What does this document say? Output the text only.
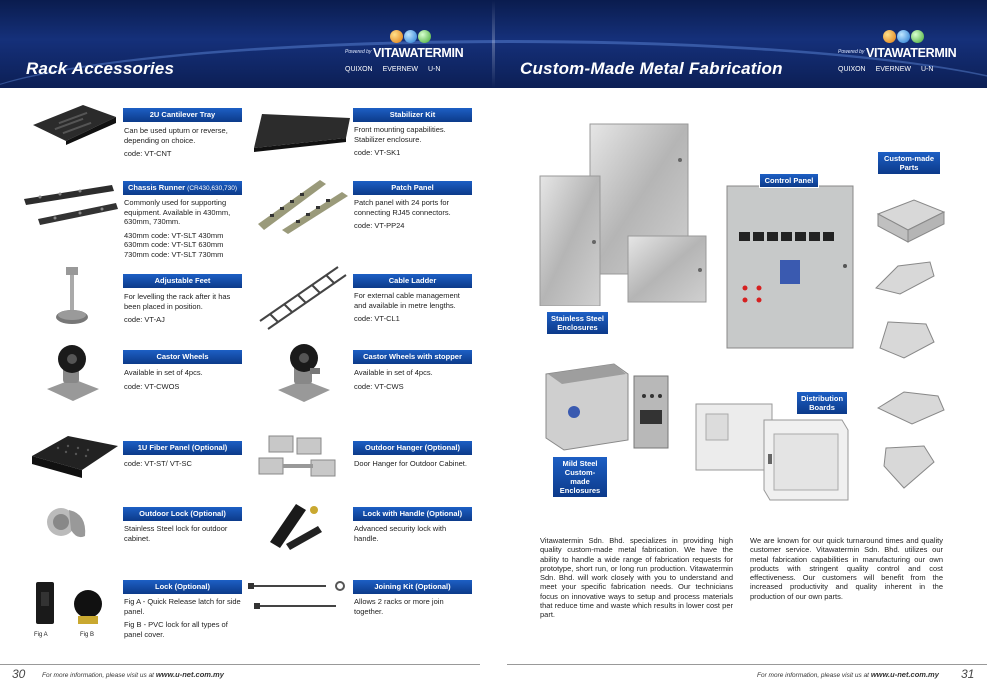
Rack Accessories	Custom-Made Metal Fabrication
Powered by VITAWATERMIN
QUIXON EVERNEW U-N
Powered by VITAWATERMIN
QUIXON EVERNEW U-N
2U Cantilever Tray

Can be used upturn or reverse, depending on choice.

code: VT-CNT

Chassis Runner (CR430,630,730)

Commonly used for supporting equipment. Available in 430mm, 630mm, 730mm.

430mm code: VT-SLT 430mm 630mm code: VT-SLT 630mm 730mm code: VT-SLT 730mm

Adjustable Feet

For levelling the rack after it has been placed in position.

code: VT-AJ

Castor Wheels

Available in set of 4pcs.

code: VT-CWOS

1U Fiber Panel (Optional)

code: VT-ST/ VT-SC

Outdoor Lock (Optional)

Stainless Steel lock for outdoor cabinet.

Fig A	Fig B
Lock (Optional)

Fig A - Quick Release latch for side panel.

Fig B - PVC lock for all types of panel cover.

Stabilizer Kit

Front mounting capabilities. Stabilizer enclosure.

code: VT-SK1

Patch Panel

Patch panel with 24 ports for connecting RJ45 connectors.

code: VT-PP24

Cable Ladder

For external cable management and available in metre lengths.

code: VT-CL1

Castor Wheels with stopper

Available in set of 4pcs.

code: VT-CWS

Outdoor Hanger (Optional)

Door Hanger for Outdoor Cabinet.

Lock with Handle (Optional)

Advanced security lock with handle.

Joining Kit (Optional)

Allows 2 racks or more join together.

Stainless Steel Enclosures
Control Panel
Custom-made Parts
Mild Steel Custom-made Enclosures
Distribution Boards
Vitawatermin Sdn. Bhd. specializes in providing high quality custom-made metal fabrication. We have the ability to handle a wide range of fabrication requests for prototype, short run, or long run production. Vitawatermin Sdn. Bhd. will work closely with you to understand and meet your specific fabrication needs. Our technicians focus on innovative ways to setup and process materials that reduce time and waste which results in lower cost per part.
We are known for our quick turnaround times and quality customer service. Vitawatermin Sdn. Bhd. utilizes our metal fabrication capabilities in manufacturing our own products with stringent quality control and cost effectiveness. Our customers will benefit from the increased productivity and quality inherent in the production of our own parts.
30	For more information, please visit us at www.u-net.com.my	For more information, please visit us at www.u-net.com.my 31
